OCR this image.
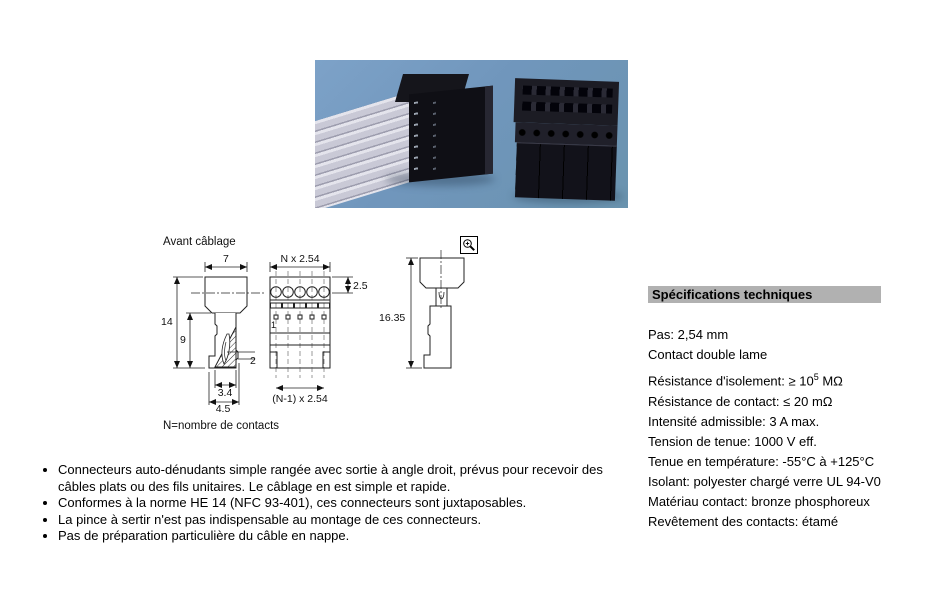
Avant câblage
N=nombre de contacts
7
14
9
2
3.4
4.5
N x 2.54
2.5
(N-1) x 2.54
1
16.35
Spécifications techniques
Pas: 2,54 mm
Contact double lame
Résistance d'isolement: ≥ $10^5$ MΩ
Résistance de contact: ≤ 20 mΩ
Intensité admissible: 3 A max.
Tension de tenue: 1000 V eff.
Tenue en température: -55°C à +125°C
Isolant: polyester chargé verre UL 94-V0
Matériau contact: bronze phosphoreux
Revêtement des contacts: étamé
• Connecteurs auto-dénudants simple rangée avec sortie à angle droit, prévus pour recevoir des câbles plats ou des fils unitaires. Le câblage en est simple et rapide.
• Conformes à la norme HE 14 (NFC 93-401), ces connecteurs sont juxtaposables.
• La pince à sertir n'est pas indispensable au montage de ces connecteurs.
• Pas de préparation particulière du câble en nappe.
